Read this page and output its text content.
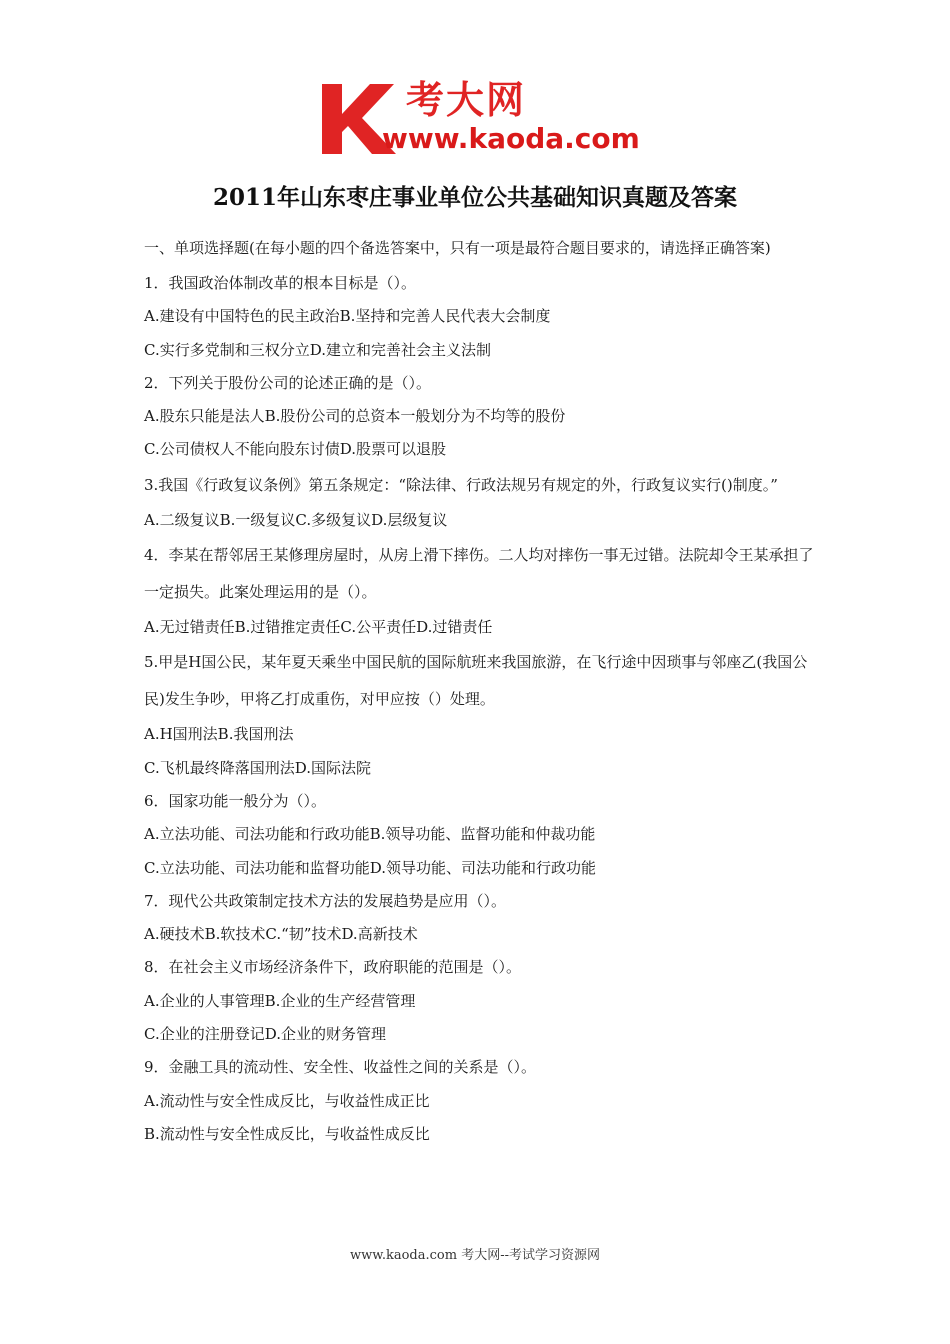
考大网
www.kaoda.com
2011年山东枣庄事业单位公共基础知识真题及答案

一、单项选择题(在每小题的四个备选答案中，只有一项是最符合题目要求的，请选择正确答案)

1．我国政治体制改革的根本目标是（）。

A.建设有中国特色的民主政治B.坚持和完善人民代表大会制度

C.实行多党制和三权分立D.建立和完善社会主义法制

2．下列关于股份公司的论述正确的是（）。

A.股东只能是法人B.股份公司的总资本一般划分为不均等的股份

C.公司债权人不能向股东讨债D.股票可以退股

3.我国《行政复议条例》第五条规定：“除法律、行政法规另有规定的外，行政复议实行()制度。”

A.二级复议B.一级复议C.多级复议D.层级复议

4．李某在帮邻居王某修理房屋时，从房上滑下摔伤。二人均对摔伤一事无过错。法院却令王某承担了一定损失。此案处理运用的是（）。

A.无过错责任B.过错推定责任C.公平责任D.过错责任

5.甲是H国公民，某年夏天乘坐中国民航的国际航班来我国旅游，在飞行途中因琐事与邻座乙(我国公民)发生争吵，甲将乙打成重伤，对甲应按（）处理。

A.H国刑法B.我国刑法

C.飞机最终降落国刑法D.国际法院

6．国家功能一般分为（）。

A.立法功能、司法功能和行政功能B.领导功能、监督功能和仲裁功能

C.立法功能、司法功能和监督功能D.领导功能、司法功能和行政功能

7．现代公共政策制定技术方法的发展趋势是应用（）。

A.硬技术B.软技术C.“韧”技术D.高新技术

8．在社会主义市场经济条件下，政府职能的范围是（）。

A.企业的人事管理B.企业的生产经营管理

C.企业的注册登记D.企业的财务管理

9．金融工具的流动性、安全性、收益性之间的关系是（）。

A.流动性与安全性成反比，与收益性成正比

B.流动性与安全性成反比，与收益性成反比

www.kaoda.com 考大网--考试学习资源网
